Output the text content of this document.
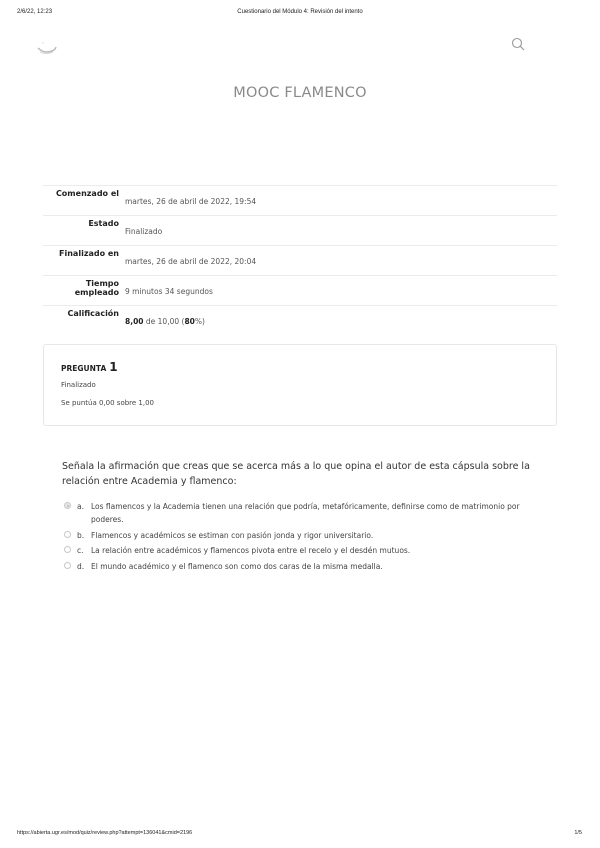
2/6/22, 12:23	Cuestionario del Módulo 4: Revisión del intento
MOOC FLAMENCO
Comenzado el
martes, 26 de abril de 2022, 19:54
Estado
Finalizado
Finalizado en
martes, 26 de abril de 2022, 20:04
Tiempo empleado 9 minutos 34 segundos
Calificación
8,00 de 10,00 (80%)
PREGUNTA 1
Finalizado
Se puntúa 0,00 sobre 1,00
Señala la afirmación que creas que se acerca más a lo que opina el autor de esta cápsula sobre la relación entre Academia y flamenco:
a. Los flamencos y la Academia tienen una relación que podría, metafóricamente, definirse como de matrimonio por poderes.
b. Flamencos y académicos se estiman con pasión jonda y rigor universitario.
c. La relación entre académicos y flamencos pivota entre el recelo y el desdén mutuos.
d. El mundo académico y el flamenco son como dos caras de la misma medalla.
https://abierta.ugr.es/mod/quiz/review.php?attempt=136041&cmid=2196	1/5
